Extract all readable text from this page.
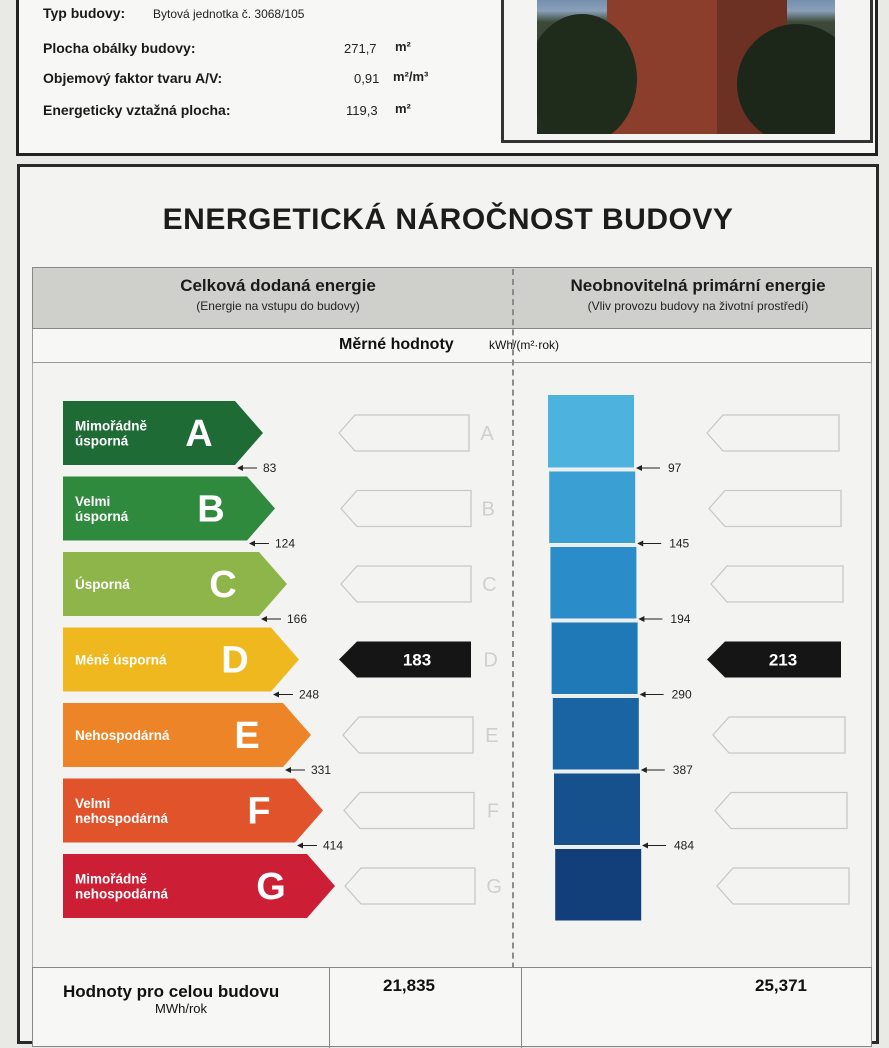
Typ budovy: Bytová jednotka č. 3068/105
Plocha obálky budovy:	271,7 m²
Objemový faktor tvaru A/V:	0,91 m²/m³
Energeticky vztažná plocha:	119,3 m²
ENERGETICKÁ NÁROČNOST BUDOVY
Celková dodaná energie
(Energie na vstupu do budovy)
Neobnovitelná primární energie
(Vliv provozu budovy na životní prostředí)
Měrné hodnoty	kWh/(m²·rok)
Mimořádně
úsporná A
83	97
A
Velmi
úsporná B
124	145
B
Úsporná C
166	194
C
Méně úsporná D
248	290
183	213
D
Nehospodárná E
331	387
E
Velmi
nehospodárná F
414	484
F
Mimořádně
nehospodárná G	G
Hodnoty pro celou budovu
MWh/rok
21,835	25,371
